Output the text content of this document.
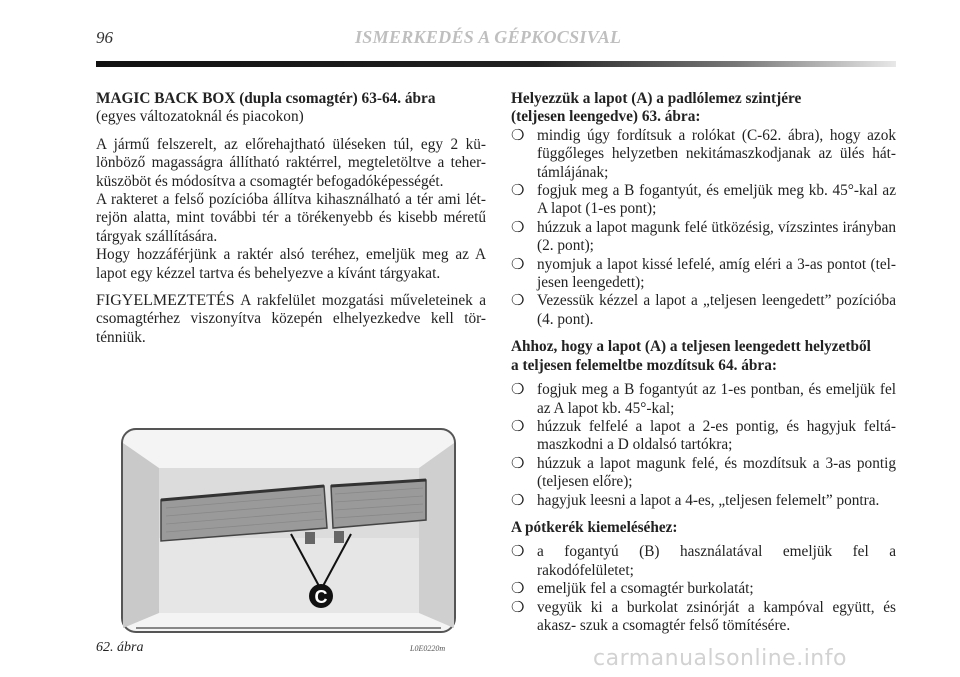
96	ISMERKEDÉS A GÉPKOCSIVAL

MAGIC BACK BOX (dupla csomagtér) 63-64. ábra

(egyes változatoknál és piacokon)

A jármű felszerelt, az előrehajtható üléseken túl, egy 2 kü- lönböző magasságra állítható raktérrel, megteletöltve a teher- küszöböt és módosítva a csomagtér befogadóképességét.

A rakteret a felső pozícióba állítva kihasználható a tér ami lét- rejön alatta, mint további tér a törékenyebb és kisebb méretű tárgyak szállítására.

Hogy hozzáférjünk a raktér alsó teréhez, emeljük meg az A lapot egy kézzel tartva és behelyezve a kívánt tárgyakat.

FIGYELMEZTETÉS A rakfelület mozgatási műveleteinek a csomagtérhez viszonyítva közepén elhelyezkedve kell tör- ténniük.

C
62. ábra	L0E0220m

Helyezzük a lapot (A) a padlólemez szintjére

(teljesen leengedve) 63. ábra:

❍ mindig úgy fordítsuk a rolókat (C-62. ábra), hogy azok függőleges helyzetben nekitámaszkodjanak az ülés hát- támlájának;
❍ fogjuk meg a B fogantyút, és emeljük meg kb. 45°-kal az A lapot (1-es pont);
❍ húzzuk a lapot magunk felé ütközésig, vízszintes irányban (2. pont);
❍ nyomjuk a lapot kissé lefelé, amíg eléri a 3-as pontot (tel- jesen leengedett);
❍ Vezessük kézzel a lapot a „teljesen leengedett” pozícióba (4. pont).

Ahhoz, hogy a lapot (A) a teljesen leengedett helyzetből

a teljesen felemeltbe mozdítsuk 64. ábra:

❍ fogjuk meg a B fogantyút az 1-es pontban, és emeljük fel az A lapot kb. 45°-kal;
❍ húzzuk felfelé a lapot a 2-es pontig, és hagyjuk feltá- maszkodni a D oldalsó tartókra;
❍ húzzuk a lapot magunk felé, és mozdítsuk a 3-as pontig (teljesen előre);
❍ hagyjuk leesni a lapot a 4-es, „teljesen felemelt” pontra.

A pótkerék kiemeléséhez:

❍ a fogantyú (B) használatával emeljük fel a rakodófelületet;
❍ emeljük fel a csomagtér burkolatát;
❍ vegyük ki a burkolat zsinórját a kampóval együtt, és akasz- szuk a csomagtér felső tömítésére.
carmanualsonline.info
